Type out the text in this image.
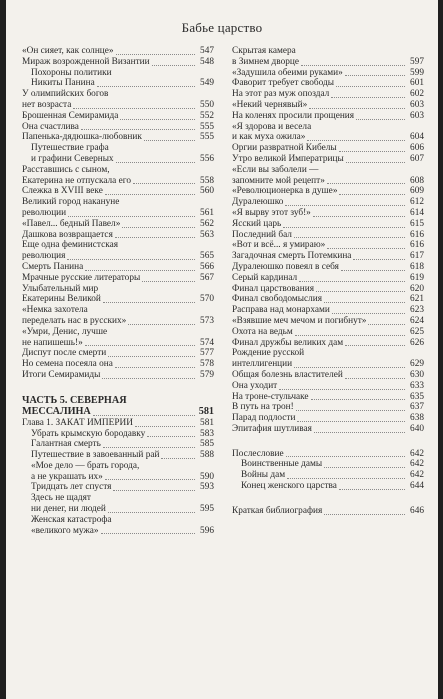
Бабье царство
«Он сияет, как солнце»	547
Мираж возрожденной Византии	548
Похороны политики
Никиты Панина	549
У олимпийских богов
нет возраста	550
Брошенная Семирамида	552
Она счастлива	555
Папенька-дядюшка-любовник	555
Путешествие графа
и графини Северных	556
Расставшись с сыном,
Екатерина не отпускала его	558
Слежка в XVIII веке	560
Великий город накануне
революции	561
«Павел... бедный Павел»	562
Дашкова возвращается	563
Еще одна феминистская
революция	565
Смерть Панина	566
Мрачные русские литераторы	567
Улыбательный мир
Екатерины Великой	570
«Немка захотела
переделать нас в русских»	573
«Умри, Денис, лучше
не напишешь!»	574
Диспут после смерти	577
Но семена посеяла она	578
Итоги Семирамиды	579
ЧАСТЬ 5. СЕВЕРНАЯ
МЕССАЛИНА	581
Глава 1. ЗАКАТ ИМПЕРИИ	581
Убрать крымскую бородавку	583
Галантная смерть	585
Путешествие в завоеванный рай	588
«Мое дело — брать города,
а не украшать их»	590
Тридцать лет спустя	593
Здесь не щадят
ни денег, ни людей	595
Женская катастрофа
«великого мужа»	596
Скрытая камера
в Зимнем дворце	597
«Задушила обеими руками»	599
Фаворит требует свободы	601
На этот раз муж опоздал	602
«Некий чернявый»	603
На коленях просили прощения	603
«Я здорова и весела
и как муха ожила»	604
Оргии развратной Кибелы	606
Утро великой Императрицы	607
«Если вы заболели —
запомните мой рецепт»	608
«Революционерка в душе»	609
Дуралеюшко	612
«Я вырву этот зуб!»	614
Ясский царь	615
Последний бал	616
«Вот и всё... я умираю»	616
Загадочная смерть Потемкина	617
Дуралеюшко повеял в себя	618
Серый кардинал	619
Финал царствования	620
Финал свободомыслия	621
Расправа над монархами	623
«Взявшие меч мечом и погибнут»	624
Охота на ведьм	625
Финал дружбы великих дам	626
Рождение русской
интеллигенции	629
Общая болезнь властителей	630
Она уходит	633
На троне-стульчаке	635
В путь на трон!	637
Парад подлости	638
Эпитафия шутливая	640
Послесловие	642
Воинственные дамы	642
Войны дам	642
Конец женского царства	644
Краткая библиография	646
